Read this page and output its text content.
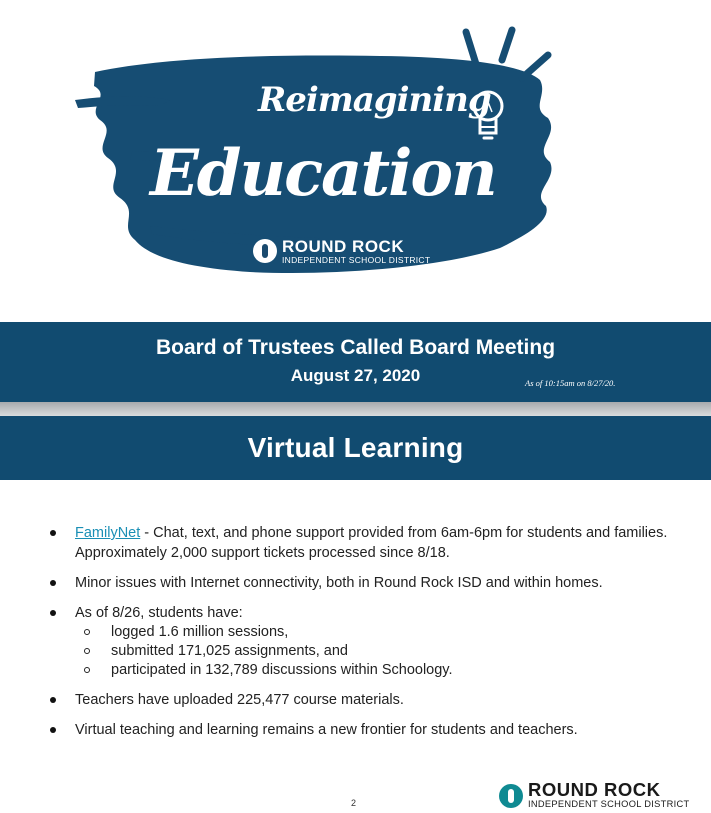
Reimagining
Education
ROUND ROCK
INDEPENDENT SCHOOL DISTRICT
Board of Trustees Called Board Meeting
August 27, 2020	As of 10:15am on 8/27/20.
Virtual Learning
FamilyNet - Chat, text, and phone support provided from 6am-6pm for students and families. Approximately 2,000 support tickets processed since 8/18.
Minor issues with Internet connectivity, both in Round Rock ISD and within homes.
As of 8/26, students have:
logged 1.6 million sessions,
submitted 171,025 assignments, and
participated in 132,789 discussions within Schoology.
Teachers have uploaded 225,477 course materials.
Virtual teaching and learning remains a new frontier for students and teachers.
2
ROUND ROCK
INDEPENDENT SCHOOL DISTRICT
